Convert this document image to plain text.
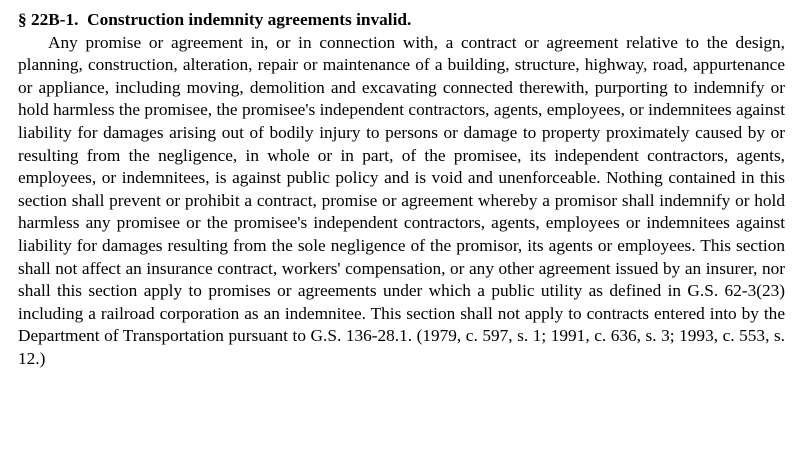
§ 22B-1. Construction indemnity agreements invalid.

Any promise or agreement in, or in connection with, a contract or agreement relative to the design, planning, construction, alteration, repair or maintenance of a building, structure, highway, road, appurtenance or appliance, including moving, demolition and excavating connected therewith, purporting to indemnify or hold harmless the promisee, the promisee's independent contractors, agents, employees, or indemnitees against liability for damages arising out of bodily injury to persons or damage to property proximately caused by or resulting from the negligence, in whole or in part, of the promisee, its independent contractors, agents, employees, or indemnitees, is against public policy and is void and unenforceable. Nothing contained in this section shall prevent or prohibit a contract, promise or agreement whereby a promisor shall indemnify or hold harmless any promisee or the promisee's independent contractors, agents, employees or indemnitees against liability for damages resulting from the sole negligence of the promisor, its agents or employees. This section shall not affect an insurance contract, workers' compensation, or any other agreement issued by an insurer, nor shall this section apply to promises or agreements under which a public utility as defined in G.S. 62-3(23) including a railroad corporation as an indemnitee. This section shall not apply to contracts entered into by the Department of Transportation pursuant to G.S. 136-28.1. (1979, c. 597, s. 1; 1991, c. 636, s. 3; 1993, c. 553, s. 12.)
